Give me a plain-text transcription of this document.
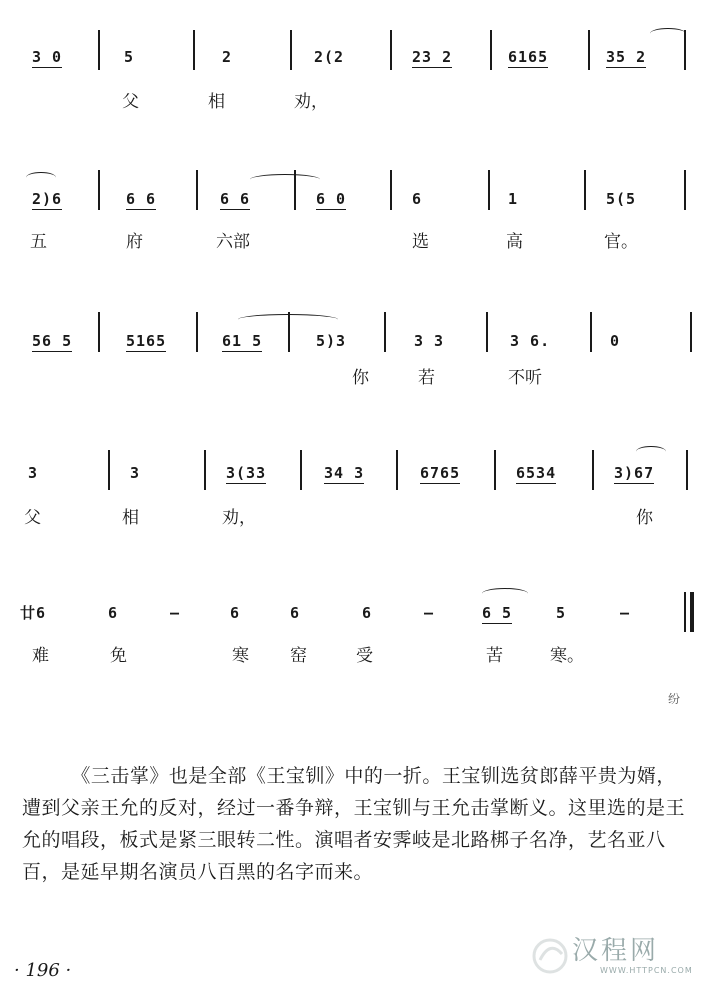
3 0	5	2	2(2	23 2	6165	35 2
父	相	劝，
2)6	6 6	6 6	6 0	6	1	5(5
五	府	六部	选	高	官。
56 5	5165	61 5	5)3	3 3	3 6.	0
你	若	不听
3	3	3(33	34 3	6765	6534	3)67
父	相	劝，	你
廿6	6	–	6	6	6	–	6 5	5	–
难	免	寒 窑	受	苦	寒。
纷

《三击掌》也是全部《王宝钏》中的一折。王宝钏选贫郎薛平贵为婿，遭到父亲王允的反对，经过一番争辩，王宝钏与王允击掌断义。这里选的是王允的唱段，板式是紧三眼转二性。演唱者安霁岐是北路梆子名净，艺名亚八百，是延早期名演员八百黑的名字而来。

· 196 ·
汉程网
WWW.HTTPCN.COM
